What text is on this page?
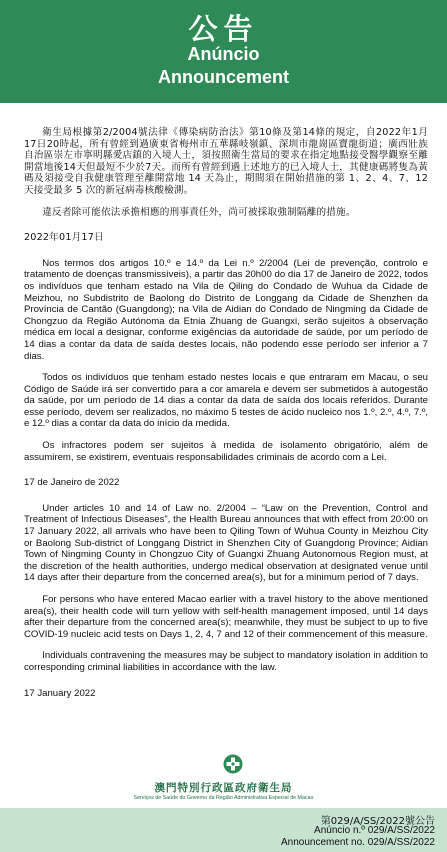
公告
Anúncio
Announcement

衛生局根據第2/2004號法律《傳染病防治法》第10條及第14條的規定，自2022年1月17日20時起，所有曾經到過廣東省梅州市五華縣岐嶺鎮、深圳市龍崗區寶龍街道；廣西壯族自治區崇左市寧明縣愛店鎮的入境人士，須按照衛生當局的要求在指定地點接受醫學觀察至離開當地後14天但最短不少於7天。而所有曾經到過上述地方的已入境人士，其健康碼將隻為黃碼及須接受自我健康管理至離開當地 14 天為止，期間須在開始措施的第 1、2、4、7、12 天接受最多 5 次的新冠病毒核酸檢測。

違反者除可能依法承擔相應的刑事責任外，尚可被採取強制隔離的措施。

2022年01月17日

Nos termos dos artigos 10.º e 14.º da Lei n.º 2/2004 (Lei de prevenção, controlo e tratamento de doenças transmissíveis), a partir das 20h00 do dia 17 de Janeiro de 2022, todos os indivíduos que tenham estado na Vila de Qiling do Condado de Wuhua da Cidade de Meizhou, no Subdistrito de Baolong do Distrito de Longgang da Cidade de Shenzhen da Província de Cantão (Guangdong); na Vila de Aidian do Condado de Ningming da Cidade de Chongzuo da Região Autónoma da Etnia Zhuang de Guangxi, serão sujeitos à observação médica em local a designar, conforme exigências da autoridade de saúde, por um período de 14 dias a contar da data de saída destes locais, não podendo esse período ser inferior a 7 dias.

Todos os indivíduos que tenham estado nestes locais e que entraram em Macau, o seu Código de Saúde irá ser convertido para a cor amarela e devem ser submetidos à autogestão da saúde, por um período de 14 dias a contar da data de saída dos locais referidos. Durante esse período, devem ser realizados, no máximo 5 testes de ácido nucleico nos 1.º, 2.º, 4.º, 7.º, e 12.º dias a contar da data do início da medida.

Os infractores podem ser sujeitos à medida de isolamento obrigatório, além de assumirem, se existirem, eventuais responsabilidades criminais de acordo com a Lei.

17 de Janeiro de 2022

Under articles 10 and 14 of Law no. 2/2004 – “Law on the Prevention, Control and Treatment of Infectious Diseases”, the Health Bureau announces that with effect from 20:00 on 17 January 2022, all arrivals who have been to Qiling Town of Wuhua County in Meizhou City or Baolong Sub-district of Longgang District in Shenzhen City of Guangdong Province; Aidian Town of Ningming County in Chongzuo City of Guangxi Zhuang Autonomous Region must, at the discretion of the health authorities, undergo medical observation at designated venue until 14 days after their departure from the concerned area(s), but for a minimum period of 7 days.

For persons who have entered Macao earlier with a travel history to the above mentioned area(s), their health code will turn yellow with self-health management imposed, until 14 days after their departure from the concerned area(s); meanwhile, they must be subject to up to five COVID-19 nucleic acid tests on Days 1, 2, 4, 7 and 12 of their commencement of this measure.

Individuals contravening the measures may be subject to mandatory isolation in addition to corresponding criminal liabilities in accordance with the law.

17 January 2022

澳門特別行政區政府衛生局
Serviços de Saúde do Governo da Região Administrativa Especial de Macau
第029/A/SS/2022號公告
Anúncio n.º 029/A/SS/2022
Announcement no. 029/A/SS/2022
